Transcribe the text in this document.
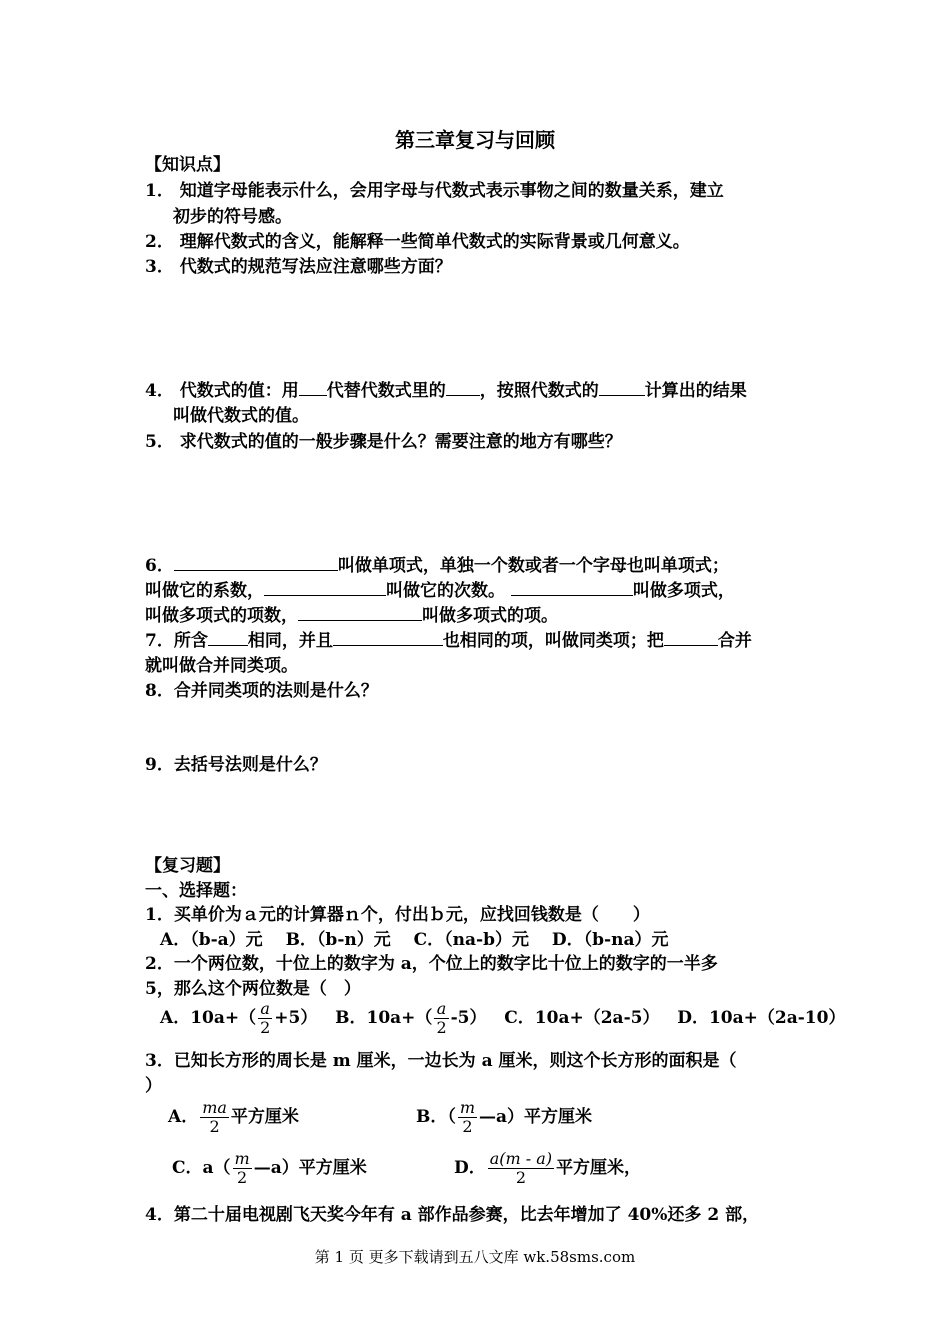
第三章复习与回顾
【知识点】
1． 知道字母能表示什么，会用字母与代数式表示事物之间的数量关系，建立
初步的符号感。
2． 理解代数式的含义，能解释一些简单代数式的实际背景或几何意义。
3． 代数式的规范写法应注意哪些方面？
4． 代数式的值：用 代替代数式里的 ，按照代数式的	计算出的结果
叫做代数式的值。
5． 求代数式的值的一般步骤是什么？需要注意的地方有哪些？
6．	叫做单项式，单独一个数或者一个字母也叫单项式；
叫做它的系数，	叫做它的次数。	叫做多项式，
叫做多项式的项数，	叫做多项式的项。
7．所含 相同，并且	也相同的项，叫做同类项；把	合并
就叫做合并同类项。
8．合并同类项的法则是什么？
9．去括号法则是什么？
【复习题】
一、选择题：
1．买单价为ａ元的计算器ｎ个，付出ｂ元，应找回钱数是（　　）
A．（b-a）元　 B．（b-n）元　 C．（na-b）元　 D．（b-na）元
2．一个两位数，十位上的数字为 a，个位上的数字比十位上的数字的一半多
5，那么这个两位数是（　）
A．$10a+( \frac{a}{2} +5)$ B．$10a+( \frac{a}{2} -5)$ C．10a+（2a-5） D．10a+（2a-10）
3．已知长方形的周长是 m 厘米，一边长为 a 厘米，则这个长方形的面积是（
）
A． $\frac{ma}{2}$ 平方厘米	B．（ $\frac{m}{2}$ —a）平方厘米
C．$a( \frac{m}{2}$ —a）平方厘米	D． $\frac{a(m - a)}{2}$ 平方厘米，
4．第二十届电视剧飞天奖今年有 a 部作品参赛，比去年增加了 40%还多 2 部，
第 1 页 更多下载请到五八文库 wk.58sms.com
